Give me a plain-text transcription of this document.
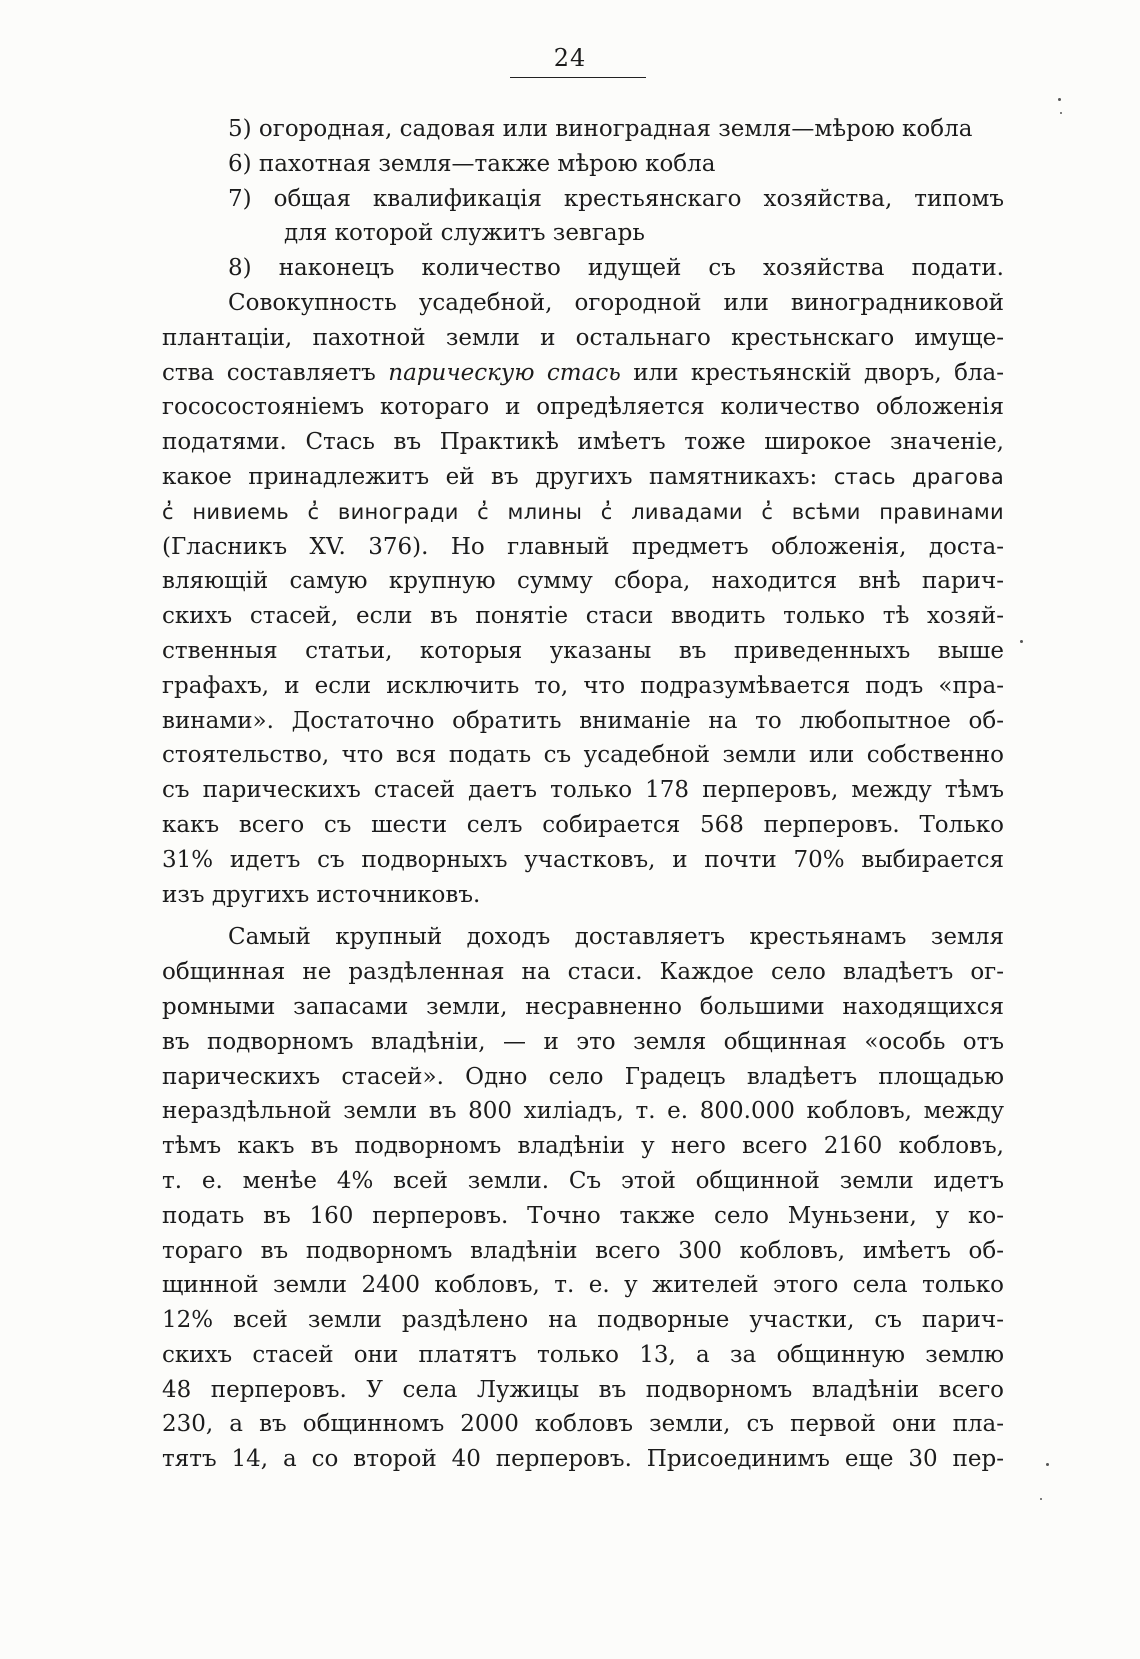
24
5) огородная, садовая или виноградная земля—мѣрою кобла
6) пахотная земля—также мѣрою кобла
7) общая квалификація крестьянскаго хозяйства, типомъ
для которой служитъ зевгарь
8) наконецъ количество идущей съ хозяйства подати.
Совокупность усадебной, огородной или виноградниковой
плантаціи, пахотной земли и остальнаго крестьнскаго имуще-
ства составляетъ парическую стась или крестьянскій дворъ, бла-
гососостояніемъ котораго и опредѣляется количество обложенія
податями. Стась въ Практикѣ имѣетъ тоже широкое значеніе,
какое принадлежитъ ей въ другихъ памятникахъ: стась драгова
с̓ нивиемь с̓ виногради с̓ млины с̓ ливадами с̓ всѣми правинами
(Гласникъ XV. 376). Но главный предметъ обложенія, доста-
вляющій самую крупную сумму сбора, находится внѣ парич-
скихъ стасей, если въ понятіе стаси вводить только тѣ хозяй-
ственныя статьи, которыя указаны въ приведенныхъ выше
графахъ, и если исключить то, что подразумѣвается подъ «пра-
винами». Достаточно обратить вниманіе на то любопытное об-
стоятельство, что вся подать съ усадебной земли или собственно
съ парическихъ стасей даетъ только 178 перперовъ, между тѣмъ
какъ всего съ шести селъ собирается 568 перперовъ. Только
31% идетъ съ подворныхъ участковъ, и почти 70% выбирается
изъ другихъ источниковъ.
Самый крупный доходъ доставляетъ крестьянамъ земля
общинная не раздѣленная на стаси. Каждое село владѣетъ ог-
ромными запасами земли, несравненно большими находящихся
въ подворномъ владѣніи, — и это земля общинная «особь отъ
парическихъ стасей». Одно село Градецъ владѣетъ площадью
нераздѣльной земли въ 800 хиліадъ, т. е. 800.000 кобловъ, между
тѣмъ какъ въ подворномъ владѣніи у него всего 2160 кобловъ,
т. е. менѣе 4% всей земли. Съ этой общинной земли идетъ
подать въ 160 перперовъ. Точно также село Муньзени, у ко-
тораго въ подворномъ владѣніи всего 300 кобловъ, имѣетъ об-
щинной земли 2400 кобловъ, т. е. у жителей этого села только
12% всей земли раздѣлено на подворные участки, съ парич-
скихъ стасей они платятъ только 13, а за общинную землю
48 перперовъ. У села Лужицы въ подворномъ владѣніи всего
230, а въ общинномъ 2000 кобловъ земли, съ первой они пла-
тятъ 14, а со второй 40 перперовъ. Присоединимъ еще 30 пер-
